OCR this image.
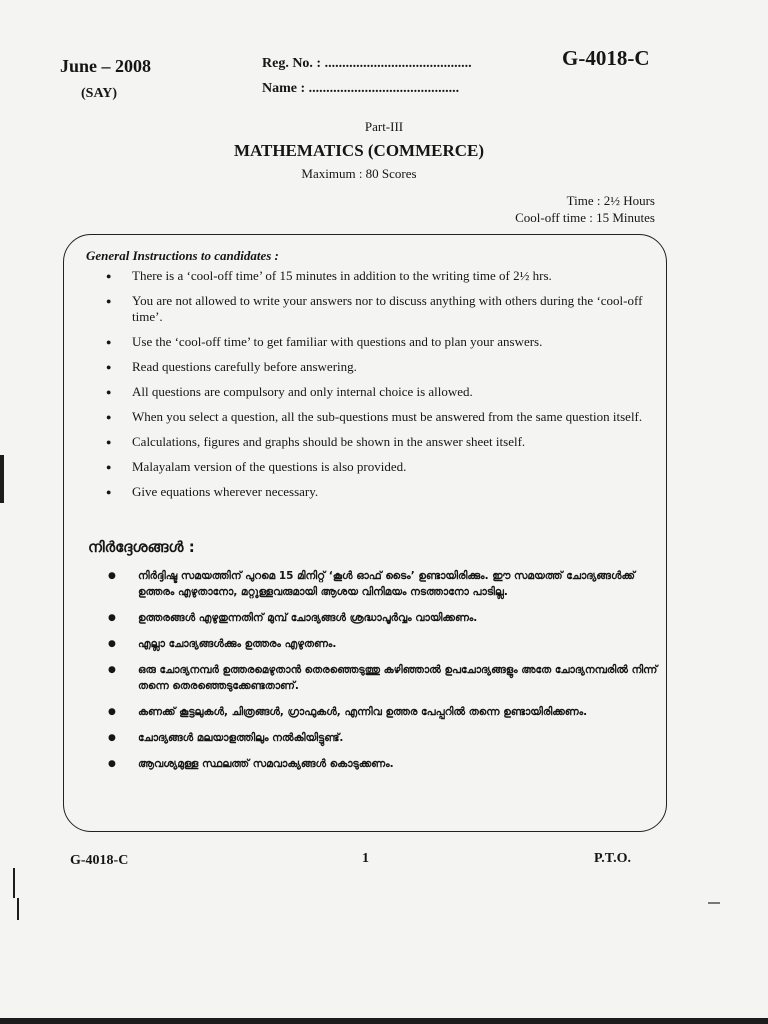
June – 2008
(SAY)
Reg. No. : ..........................................
Name : ...........................................
G-4018-C
Part-III
MATHEMATICS (COMMERCE)
Maximum : 80 Scores
Time : 2½ Hours
Cool-off time : 15 Minutes
General Instructions to candidates :
● There is a ‘cool-off time’ of 15 minutes in addition to the writing time of 2½ hrs.
● You are not allowed to write your answers nor to discuss anything with others during the ‘cool-off time’.
● Use the ‘cool-off time’ to get familiar with questions and to plan your answers.
● Read questions carefully before answering.
● All questions are compulsory and only internal choice is allowed.
● When you select a question, all the sub-questions must be answered from the same question itself.
● Calculations, figures and graphs should be shown in the answer sheet itself.
● Malayalam version of the questions is also provided.
● Give equations wherever necessary.
നിർദ്ദേശങ്ങൾ :
● നിർദ്ദിഷ്ട സമയത്തിന് പുറമെ 15 മിനിറ്റ് ‘കൂൾ ഓഫ് ടൈം’ ഉണ്ടായിരിക്കും. ഈ സമയത്ത് ചോദ്യങ്ങൾക്ക് ഉത്തരം എഴുതാനോ, മറ്റുള്ളവരുമായി ആശയ വിനിമയം നടത്താനോ പാടില്ല.
● ഉത്തരങ്ങൾ എഴുതുന്നതിന് മുമ്പ് ചോദ്യങ്ങൾ ശ്രദ്ധാപൂർവ്വം വായിക്കണം.
● എല്ലാ ചോദ്യങ്ങൾക്കും ഉത്തരം എഴുതണം.
● ഒരു ചോദ്യനമ്പർ ഉത്തരമെഴുതാൻ തെരഞ്ഞെടുത്തു കഴിഞ്ഞാൽ ഉപചോദ്യങ്ങളും അതേ ചോദ്യനമ്പരിൽ നിന്ന് തന്നെ തെരഞ്ഞെടുക്കേണ്ടതാണ്.
● കണക്ക് കൂട്ടലുകൾ, ചിത്രങ്ങൾ, ഗ്രാഫുകൾ, എന്നിവ ഉത്തര പേപ്പറിൽ തന്നെ ഉണ്ടായിരിക്കണം.
● ചോദ്യങ്ങൾ മലയാളത്തിലും നൽകിയിട്ടുണ്ട്.
● ആവശ്യമുള്ള സ്ഥലത്ത് സമവാക്യങ്ങൾ കൊടുക്കണം.
G-4018-C	1	P.T.O.
